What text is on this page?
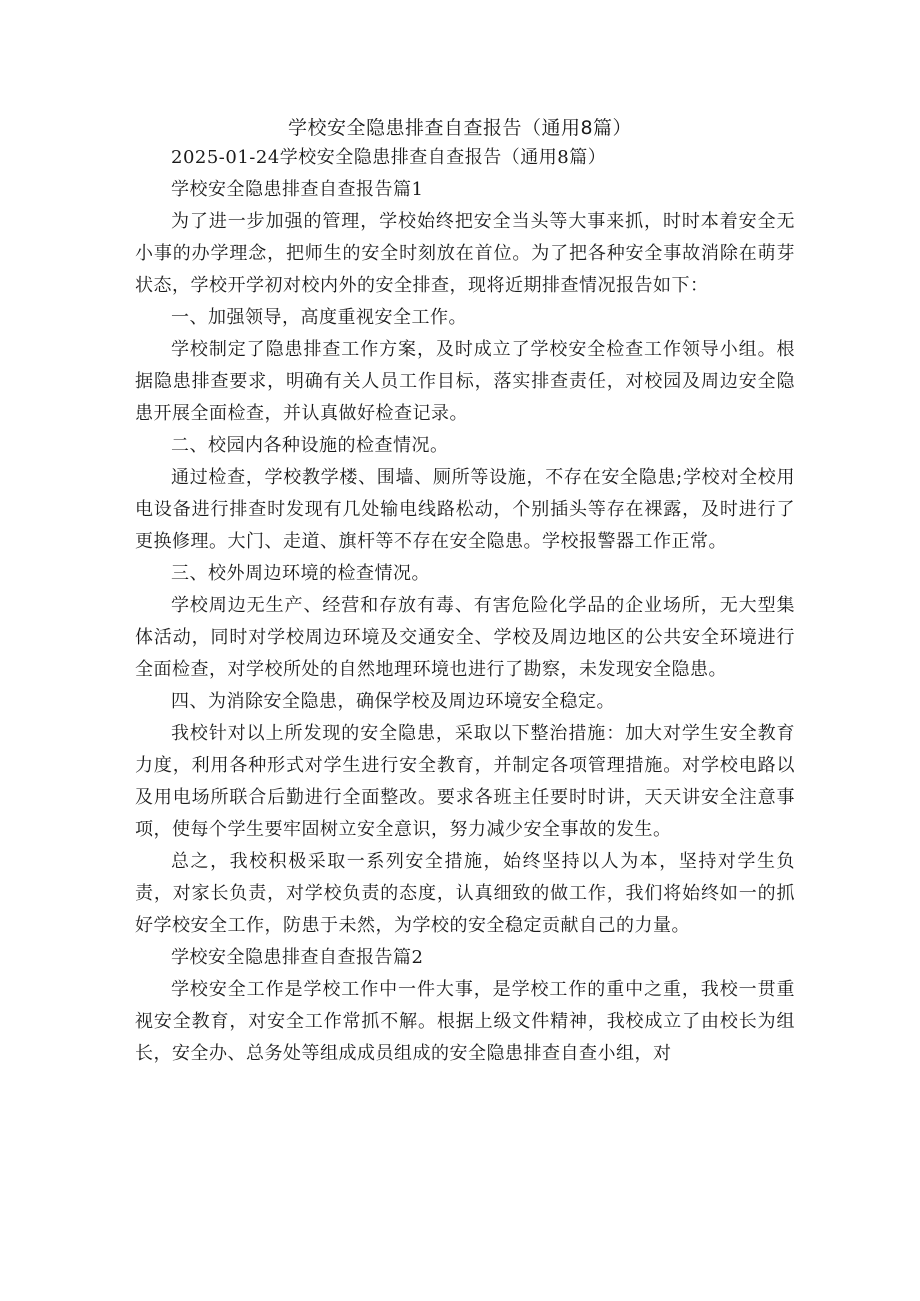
学校安全隐患排查自查报告（通用8篇）

2025-01-24学校安全隐患排查自查报告（通用8篇）

学校安全隐患排查自查报告篇1

为了进一步加强的管理，学校始终把安全当头等大事来抓，时时本着安全无小事的办学理念，把师生的安全时刻放在首位。为了把各种安全事故消除在萌芽状态，学校开学初对校内外的安全排查，现将近期排查情况报告如下：

一、加强领导，高度重视安全工作。

学校制定了隐患排查工作方案，及时成立了学校安全检查工作领导小组。根据隐患排查要求，明确有关人员工作目标，落实排查责任，对校园及周边安全隐患开展全面检查，并认真做好检查记录。

二、校园内各种设施的检查情况。

通过检查，学校教学楼、围墙、厕所等设施，不存在安全隐患;学校对全校用电设备进行排查时发现有几处输电线路松动，个别插头等存在裸露，及时进行了更换修理。大门、走道、旗杆等不存在安全隐患。学校报警器工作正常。

三、校外周边环境的检查情况。

学校周边无生产、经营和存放有毒、有害危险化学品的企业场所，无大型集体活动，同时对学校周边环境及交通安全、学校及周边地区的公共安全环境进行全面检查，对学校所处的自然地理环境也进行了勘察，未发现安全隐患。

四、为消除安全隐患，确保学校及周边环境安全稳定。

我校针对以上所发现的安全隐患，采取以下整治措施：加大对学生安全教育力度，利用各种形式对学生进行安全教育，并制定各项管理措施。对学校电路以及用电场所联合后勤进行全面整改。要求各班主任要时时讲，天天讲安全注意事项，使每个学生要牢固树立安全意识，努力减少安全事故的发生。

总之，我校积极采取一系列安全措施，始终坚持以人为本，坚持对学生负责，对家长负责，对学校负责的态度，认真细致的做工作，我们将始终如一的抓好学校安全工作，防患于未然，为学校的安全稳定贡献自己的力量。

学校安全隐患排查自查报告篇2

学校安全工作是学校工作中一件大事，是学校工作的重中之重，我校一贯重视安全教育，对安全工作常抓不解。根据上级文件精神，我校成立了由校长为组长，安全办、总务处等组成成员组成的安全隐患排查自查小组，对
